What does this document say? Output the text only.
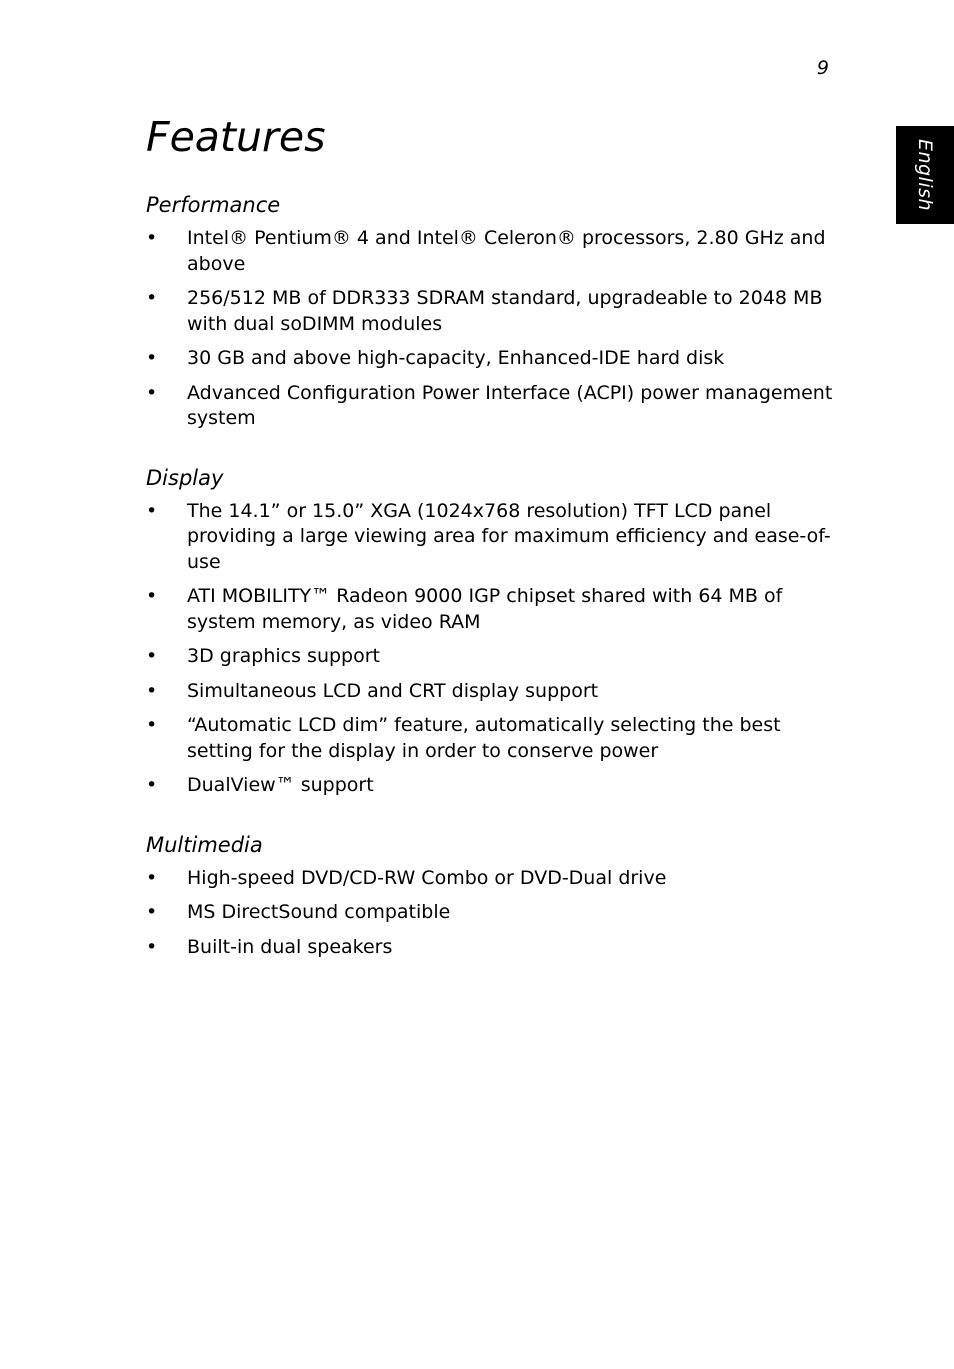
9
English
Features
Performance
• Intel® Pentium® 4 and Intel® Celeron® processors, 2.80 GHz and above
• 256/512 MB of DDR333 SDRAM standard, upgradeable to 2048 MB with dual soDIMM modules
• 30 GB and above high-capacity, Enhanced-IDE hard disk
• Advanced Configuration Power Interface (ACPI) power management system
Display
• The 14.1” or 15.0” XGA (1024x768 resolution) TFT LCD panel providing a large viewing area for maximum efficiency and ease-of-use
• ATI MOBILITY™ Radeon 9000 IGP chipset shared with 64 MB of system memory, as video RAM
• 3D graphics support
• Simultaneous LCD and CRT display support
• “Automatic LCD dim” feature, automatically selecting the best setting for the display in order to conserve power
• DualView™ support
Multimedia
• High-speed DVD/CD-RW Combo or DVD-Dual drive
• MS DirectSound compatible
• Built-in dual speakers
